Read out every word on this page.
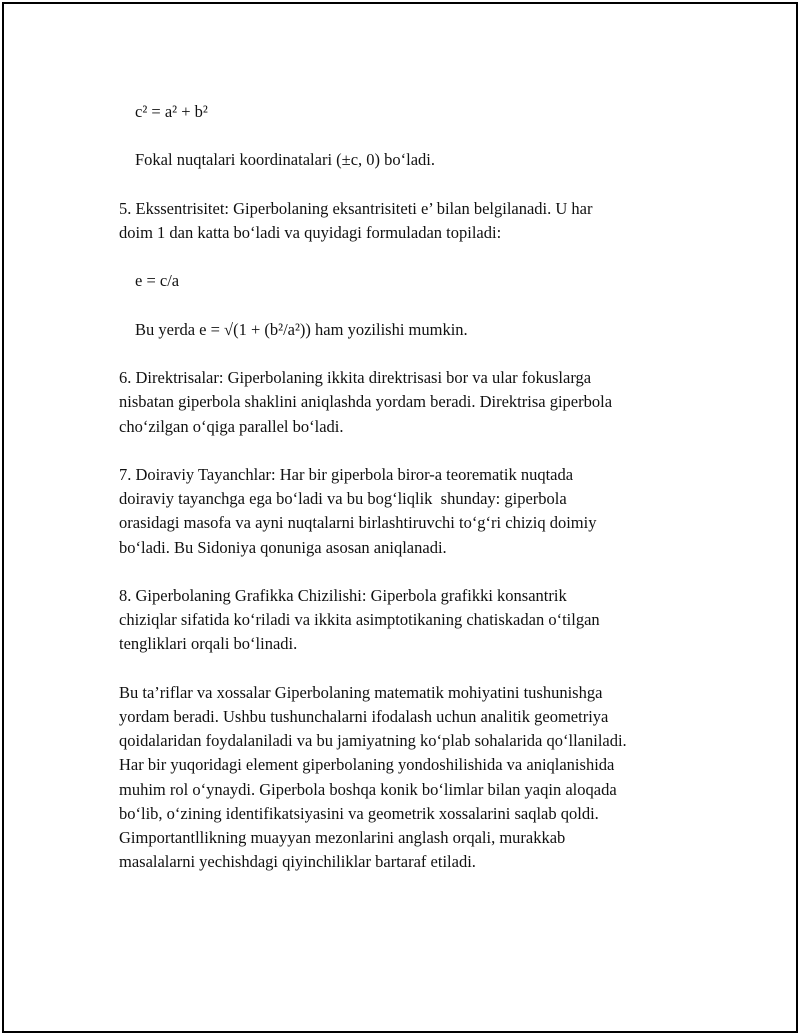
c² = a² + b²

Fokal nuqtalari koordinatalari (±c, 0) bo‘ladi.

5. Ekssentrisitet: Giperbolaning eksantrisiteti e’ bilan belgilanadi. U har
doim 1 dan katta bo‘ladi va quyidagi formuladan topiladi:

e = c/a

Bu yerda e = √(1 + (b²/a²)) ham yozilishi mumkin.

6. Direktrisalar: Giperbolaning ikkita direktrisasi bor va ular fokuslarga
nisbatan giperbola shaklini aniqlashda yordam beradi. Direktrisa giperbola
cho‘zilgan o‘qiga parallel bo‘ladi.

7. Doiraviy Tayanchlar: Har bir giperbola biror-a teorematik nuqtada
doiraviy tayanchga ega bo‘ladi va bu bog‘liqlik  shunday: giperbola
orasidagi masofa va ayni nuqtalarni birlashtiruvchi to‘g‘ri chiziq doimiy
bo‘ladi. Bu Sidoniya qonuniga asosan aniqlanadi.

8. Giperbolaning Grafikka Chizilishi: Giperbola grafikki konsantrik
chiziqlar sifatida ko‘riladi va ikkita asimptotikaning chatiskadan o‘tilgan
tengliklari orqali bo‘linadi.

Bu ta’riflar va xossalar Giperbolaning matematik mohiyatini tushunishga
yordam beradi. Ushbu tushunchalarni ifodalash uchun analitik geometriya
qoidalaridan foydalaniladi va bu jamiyatning ko‘plab sohalarida qo‘llaniladi.
Har bir yuqoridagi element giperbolaning yondoshilishida va aniqlanishida
muhim rol o‘ynaydi. Giperbola boshqa konik bo‘limlar bilan yaqin aloqada
bo‘lib, o‘zining identifikatsiyasini va geometrik xossalarini saqlab qoldi.
Gimportantllikning muayyan mezonlarini anglash orqali, murakkab
masalalarni yechishdagi qiyinchiliklar bartaraf etiladi.
